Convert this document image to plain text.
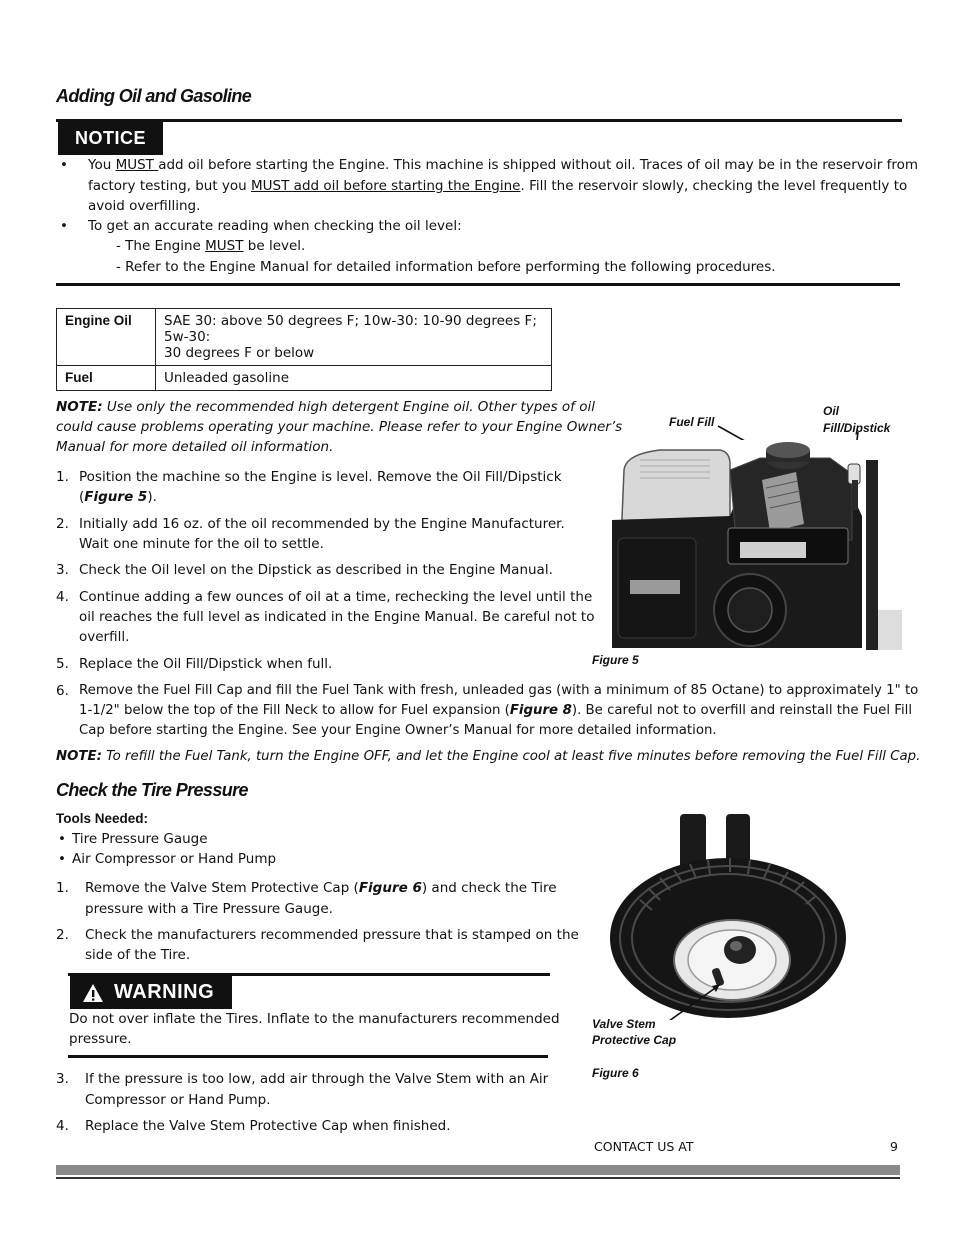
Adding Oil and Gasoline
NOTICE
• You MUST add oil before starting the Engine. This machine is shipped without oil. Traces of oil may be in the reservoir from
factory testing, but you MUST add oil before starting the Engine. Fill the reservoir slowly, checking the level frequently to
avoid overfilling.
• To get an accurate reading when checking the oil level:
- The Engine MUST be level.
- Refer to the Engine Manual for detailed information before performing the following procedures.
Engine Oil	SAE 30: above 50 degrees F; 10w-30: 10-90 degrees F; 5w-30:
30 degrees F or below

Fuel	Unleaded gasoline
NOTE: Use only the recommended high detergent Engine oil. Other types of oil
could cause problems operating your machine. Please refer to your Engine Owner’s
Manual for more detailed oil information.
1. Position the machine so the Engine is level. Remove the Oil Fill/Dipstick
(Figure 5).
2. Initially add 16 oz. of the oil recommended by the Engine Manufacturer.
Wait one minute for the oil to settle.
3. Check the Oil level on the Dipstick as described in the Engine Manual.
4. Continue adding a few ounces of oil at a time, rechecking the level until the
oil reaches the full level as indicated in the Engine Manual. Be careful not to
overfill.
5. Replace the Oil Fill/Dipstick when full.
6. Remove the Fuel Fill Cap and fill the Fuel Tank with fresh, unleaded gas (with a minimum of 85 Octane) to approximately 1" to
1-1/2" below the top of the Fill Neck to allow for Fuel expansion (Figure 8). Be careful not to overfill and reinstall the Fuel Fill
Cap before starting the Engine. See your Engine Owner’s Manual for more detailed information.
NOTE: To refill the Fuel Tank, turn the Engine OFF, and let the Engine cool at least five minutes before removing the Fuel Fill Cap.
Fuel Fill
Oil
Fill/Dipstick
Figure 5
Check the Tire Pressure
Tools Needed:
• Tire Pressure Gauge
• Air Compressor or Hand Pump
1. Remove the Valve Stem Protective Cap (Figure 6) and check the Tire
pressure with a Tire Pressure Gauge.
2. Check the manufacturers recommended pressure that is stamped on the
side of the Tire.
WARNING
Do not over inflate the Tires. Inflate to the manufacturers recommended
pressure.
3. If the pressure is too low, add air through the Valve Stem with an Air
Compressor or Hand Pump.
4. Replace the Valve Stem Protective Cap when finished.
Valve Stem
Protective Cap
Figure 6
CONTACT US AT	9
